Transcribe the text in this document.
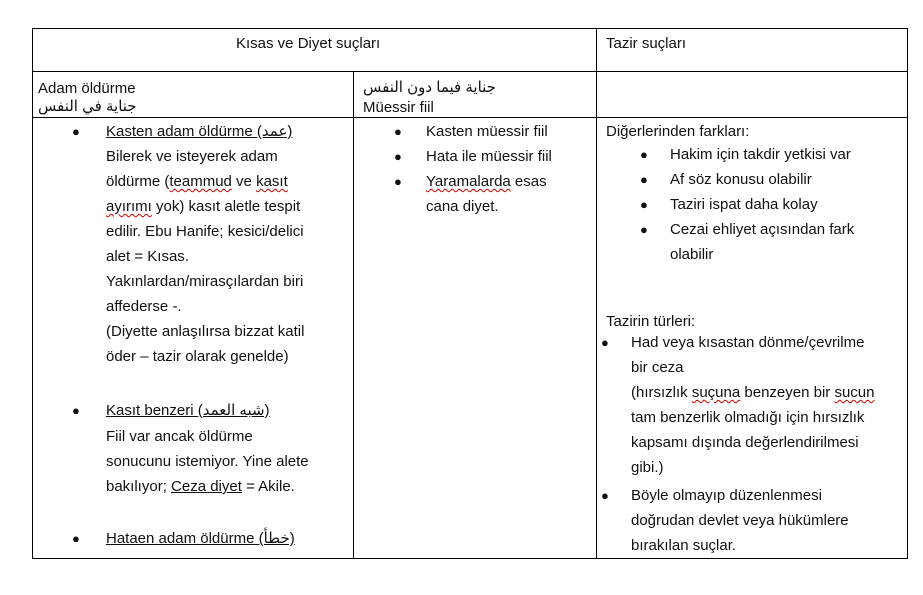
Kısas ve Diyet suçları	Tazir suçları
Adam öldürme
جناية في النفس
جناية فيما دون النفس
Müessir fiil
● Kasten adam öldürme (عمد)
Bilerek ve isteyerek adam
öldürme (teammud ve kasıt
ayırımı yok) kasıt aletle tespit
edilir. Ebu Hanife; kesici/delici
alet = Kısas.
Yakınlardan/mirasçılardan biri
affederse -.
(Diyette anlaşılırsa bizzat katil
öder – tazir olarak genelde)
● Kasıt benzeri (شبه العمد)
Fiil var ancak öldürme
sonucunu istemiyor. Yine alete
bakılıyor; Ceza diyet = Akile.
● Hataen adam öldürme (خطأ)
● Kasten müessir fiil
● Hata ile müessir fiil
● Yaramalarda esas
cana diyet.
Diğerlerinden farkları:
● Hakim için takdir yetkisi var
● Af söz konusu olabilir
● Taziri ispat daha kolay
● Cezai ehliyet açısından fark
olabilir
Tazirin türleri:
● Had veya kısastan dönme/çevrilme
bir ceza
(hırsızlık suçuna benzeyen bir sucun
tam benzerlik olmadığı için hırsızlık
kapsamı dışında değerlendirilmesi
gibi.)
● Böyle olmayıp düzenlenmesi
doğrudan devlet veya hükümlere
bırakılan suçlar.
